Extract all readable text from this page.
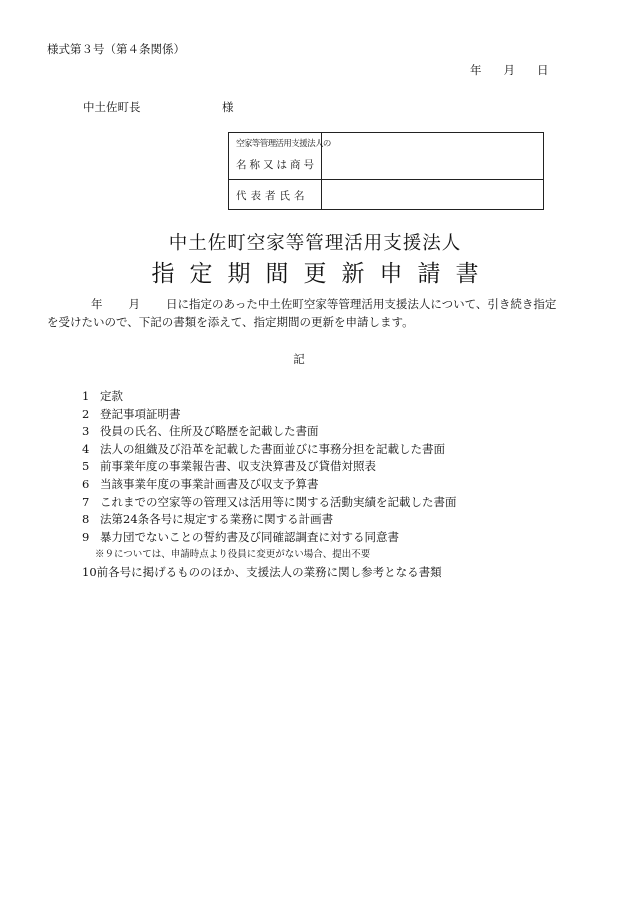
様式第３号（第４条関係）
年 月 日
中土佐町長	様
空家等管理活用支援法人の
名称又は商号
代表者氏名
中土佐町空家等管理活用支援法人
指定期間更新申請書
年 月 日に指定のあった中土佐町空家等管理活用支援法人について、引き続き指定を受けたいので、下記の書類を添えて、指定期間の更新を申請します。
記
1 定款
2 登記事項証明書
3 役員の氏名、住所及び略歴を記載した書面
4 法人の組織及び沿革を記載した書面並びに事務分担を記載した書面
5 前事業年度の事業報告書、収支決算書及び貸借対照表
6 当該事業年度の事業計画書及び収支予算書
7 これまでの空家等の管理又は活用等に関する活動実績を記載した書面
8 法第24条各号に規定する業務に関する計画書
9 暴力団でないことの誓約書及び同確認調査に対する同意書
※９については、申請時点より役員に変更がない場合、提出不要
10前各号に掲げるもののほか、支援法人の業務に関し参考となる書類
